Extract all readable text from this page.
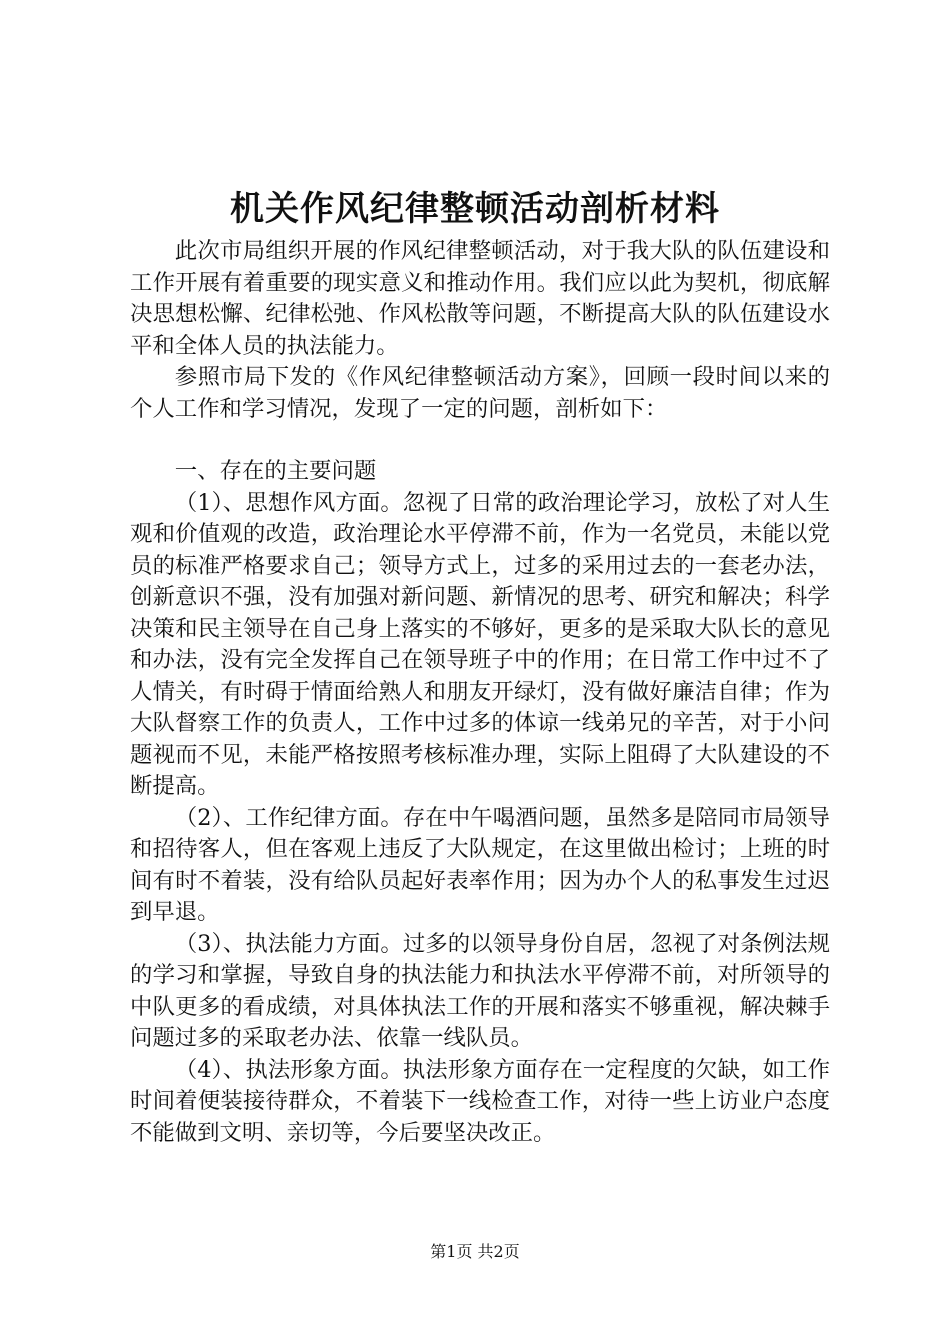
机关作风纪律整顿活动剖析材料

此次市局组织开展的作风纪律整顿活动，对于我大队的队伍建设和工作开展有着重要的现实意义和推动作用。我们应以此为契机，彻底解决思想松懈、纪律松弛、作风松散等问题，不断提高大队的队伍建设水平和全体人员的执法能力。

参照市局下发的《作风纪律整顿活动方案》，回顾一段时间以来的个人工作和学习情况，发现了一定的问题，剖析如下：

一、存在的主要问题

（1）、思想作风方面。忽视了日常的政治理论学习，放松了对人生观和价值观的改造，政治理论水平停滞不前，作为一名党员，未能以党员的标准严格要求自己；领导方式上，过多的采用过去的一套老办法，创新意识不强，没有加强对新问题、新情况的思考、研究和解决；科学决策和民主领导在自己身上落实的不够好，更多的是采取大队长的意见和办法，没有完全发挥自己在领导班子中的作用；在日常工作中过不了人情关，有时碍于情面给熟人和朋友开绿灯，没有做好廉洁自律；作为大队督察工作的负责人，工作中过多的体谅一线弟兄的辛苦，对于小问题视而不见，未能严格按照考核标准办理，实际上阻碍了大队建设的不断提高。

（2）、工作纪律方面。存在中午喝酒问题，虽然多是陪同市局领导和招待客人，但在客观上违反了大队规定，在这里做出检讨；上班的时间有时不着装，没有给队员起好表率作用；因为办个人的私事发生过迟到早退。

（3）、执法能力方面。过多的以领导身份自居，忽视了对条例法规的学习和掌握，导致自身的执法能力和执法水平停滞不前，对所领导的中队更多的看成绩，对具体执法工作的开展和落实不够重视，解决棘手问题过多的采取老办法、依靠一线队员。

（4）、执法形象方面。执法形象方面存在一定程度的欠缺，如工作时间着便装接待群众，不着装下一线检查工作，对待一些上访业户态度不能做到文明、亲切等，今后要坚决改正。

第1页 共2页
